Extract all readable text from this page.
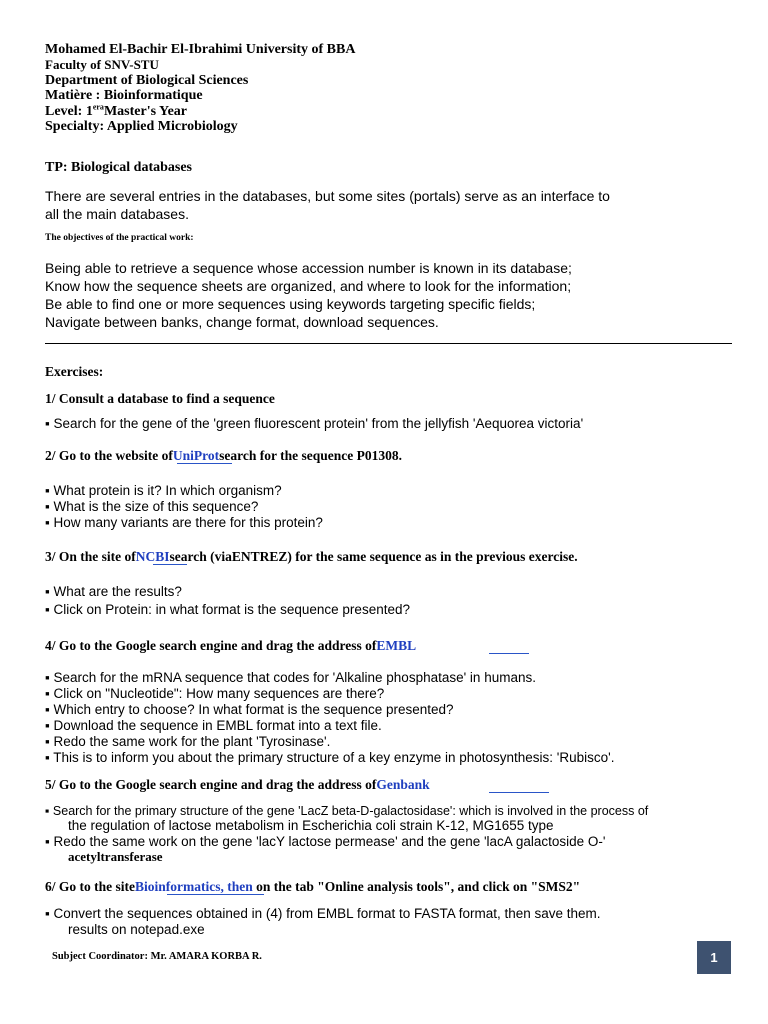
Mohamed El-Bachir El-Ibrahimi University of BBA
Faculty of SNV-STU
Department of Biological Sciences
Matière : Bioinformatique
Level: $1^{era}Master's$ Year
Specialty: Applied Microbiology
TP: Biological databases
There are several entries in the databases, but some sites (portals) serve as an interface to
all the main databases.
The objectives of the practical work:
Being able to retrieve a sequence whose accession number is known in its database;
Know how the sequence sheets are organized, and where to look for the information;
Be able to find one or more sequences using keywords targeting specific fields;
Navigate between banks, change format, download sequences.
Exercises:
1/ Consult a database to find a sequence
▪ Search for the gene of the 'green fluorescent protein' from the jellyfish 'Aequorea victoria'
2/ Go to the website ofUniProtsearch for the sequence P01308.
▪ What protein is it? In which organism?
▪ What is the size of this sequence?
▪ How many variants are there for this protein?
3/ On the site ofNCBIsearch (viaENTREZ) for the same sequence as in the previous exercise.
▪ What are the results?
▪ Click on Protein: in what format is the sequence presented?
4/ Go to the Google search engine and drag the address ofEMBL
▪ Search for the mRNA sequence that codes for 'Alkaline phosphatase' in humans.
▪ Click on "Nucleotide": How many sequences are there?
▪ Which entry to choose? In what format is the sequence presented?
▪ Download the sequence in EMBL format into a text file.
▪ Redo the same work for the plant 'Tyrosinase'.
▪ This is to inform you about the primary structure of a key enzyme in photosynthesis: 'Rubisco'.
5/ Go to the Google search engine and drag the address ofGenbank
▪ Search for the primary structure of the gene 'LacZ beta-D-galactosidase': which is involved in the process of
the regulation of lactose metabolism in Escherichia coli strain K-12, MG1655 type
▪ Redo the same work on the gene 'lacY lactose permease' and the gene 'lacA galactoside O-'
acetyltransferase
6/ Go to the siteBioinformatics, then on the tab "Online analysis tools", and click on "SMS2"
▪ Convert the sequences obtained in (4) from EMBL format to FASTA format, then save them.
results on notepad.exe
Subject Coordinator: Mr. AMARA KORBA R.	1
